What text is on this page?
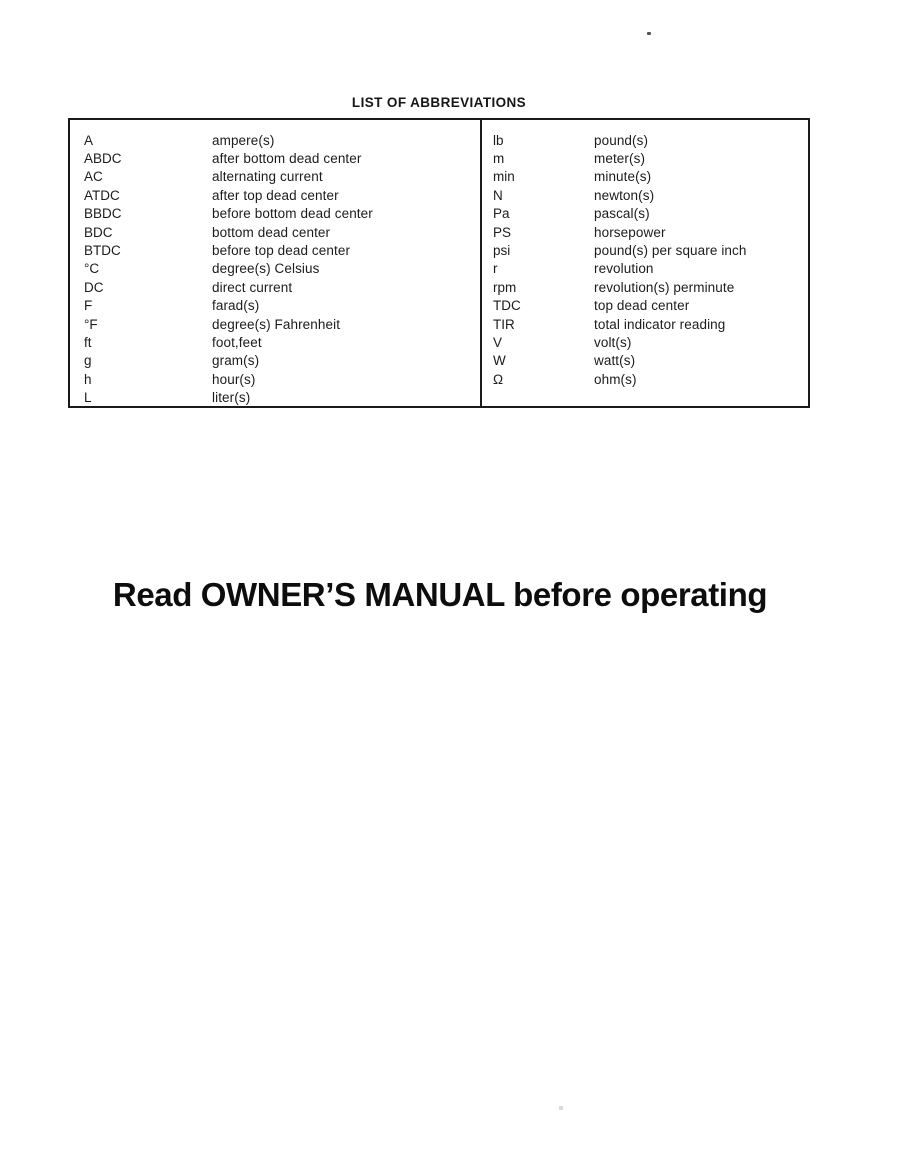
LIST OF ABBREVIATIONS
A	ampere(s)
ABDC	after bottom dead center
AC	alternating current
ATDC	after top dead center
BBDC	before bottom dead center
BDC	bottom dead center
BTDC	before top dead center
°C	degree(s) Celsius
DC	direct current
F	farad(s)
°F	degree(s) Fahrenheit
ft	foot,feet
g	gram(s)
h	hour(s)
L	liter(s)
lb	pound(s)
m	meter(s)
min	minute(s)
N	newton(s)
Pa	pascal(s)
PS	horsepower
psi	pound(s) per square inch
r	revolution
rpm	revolution(s) perminute
TDC	top dead center
TIR	total indicator reading
V	volt(s)
W	watt(s)
Ω	ohm(s)
Read OWNER’S MANUAL before operating
